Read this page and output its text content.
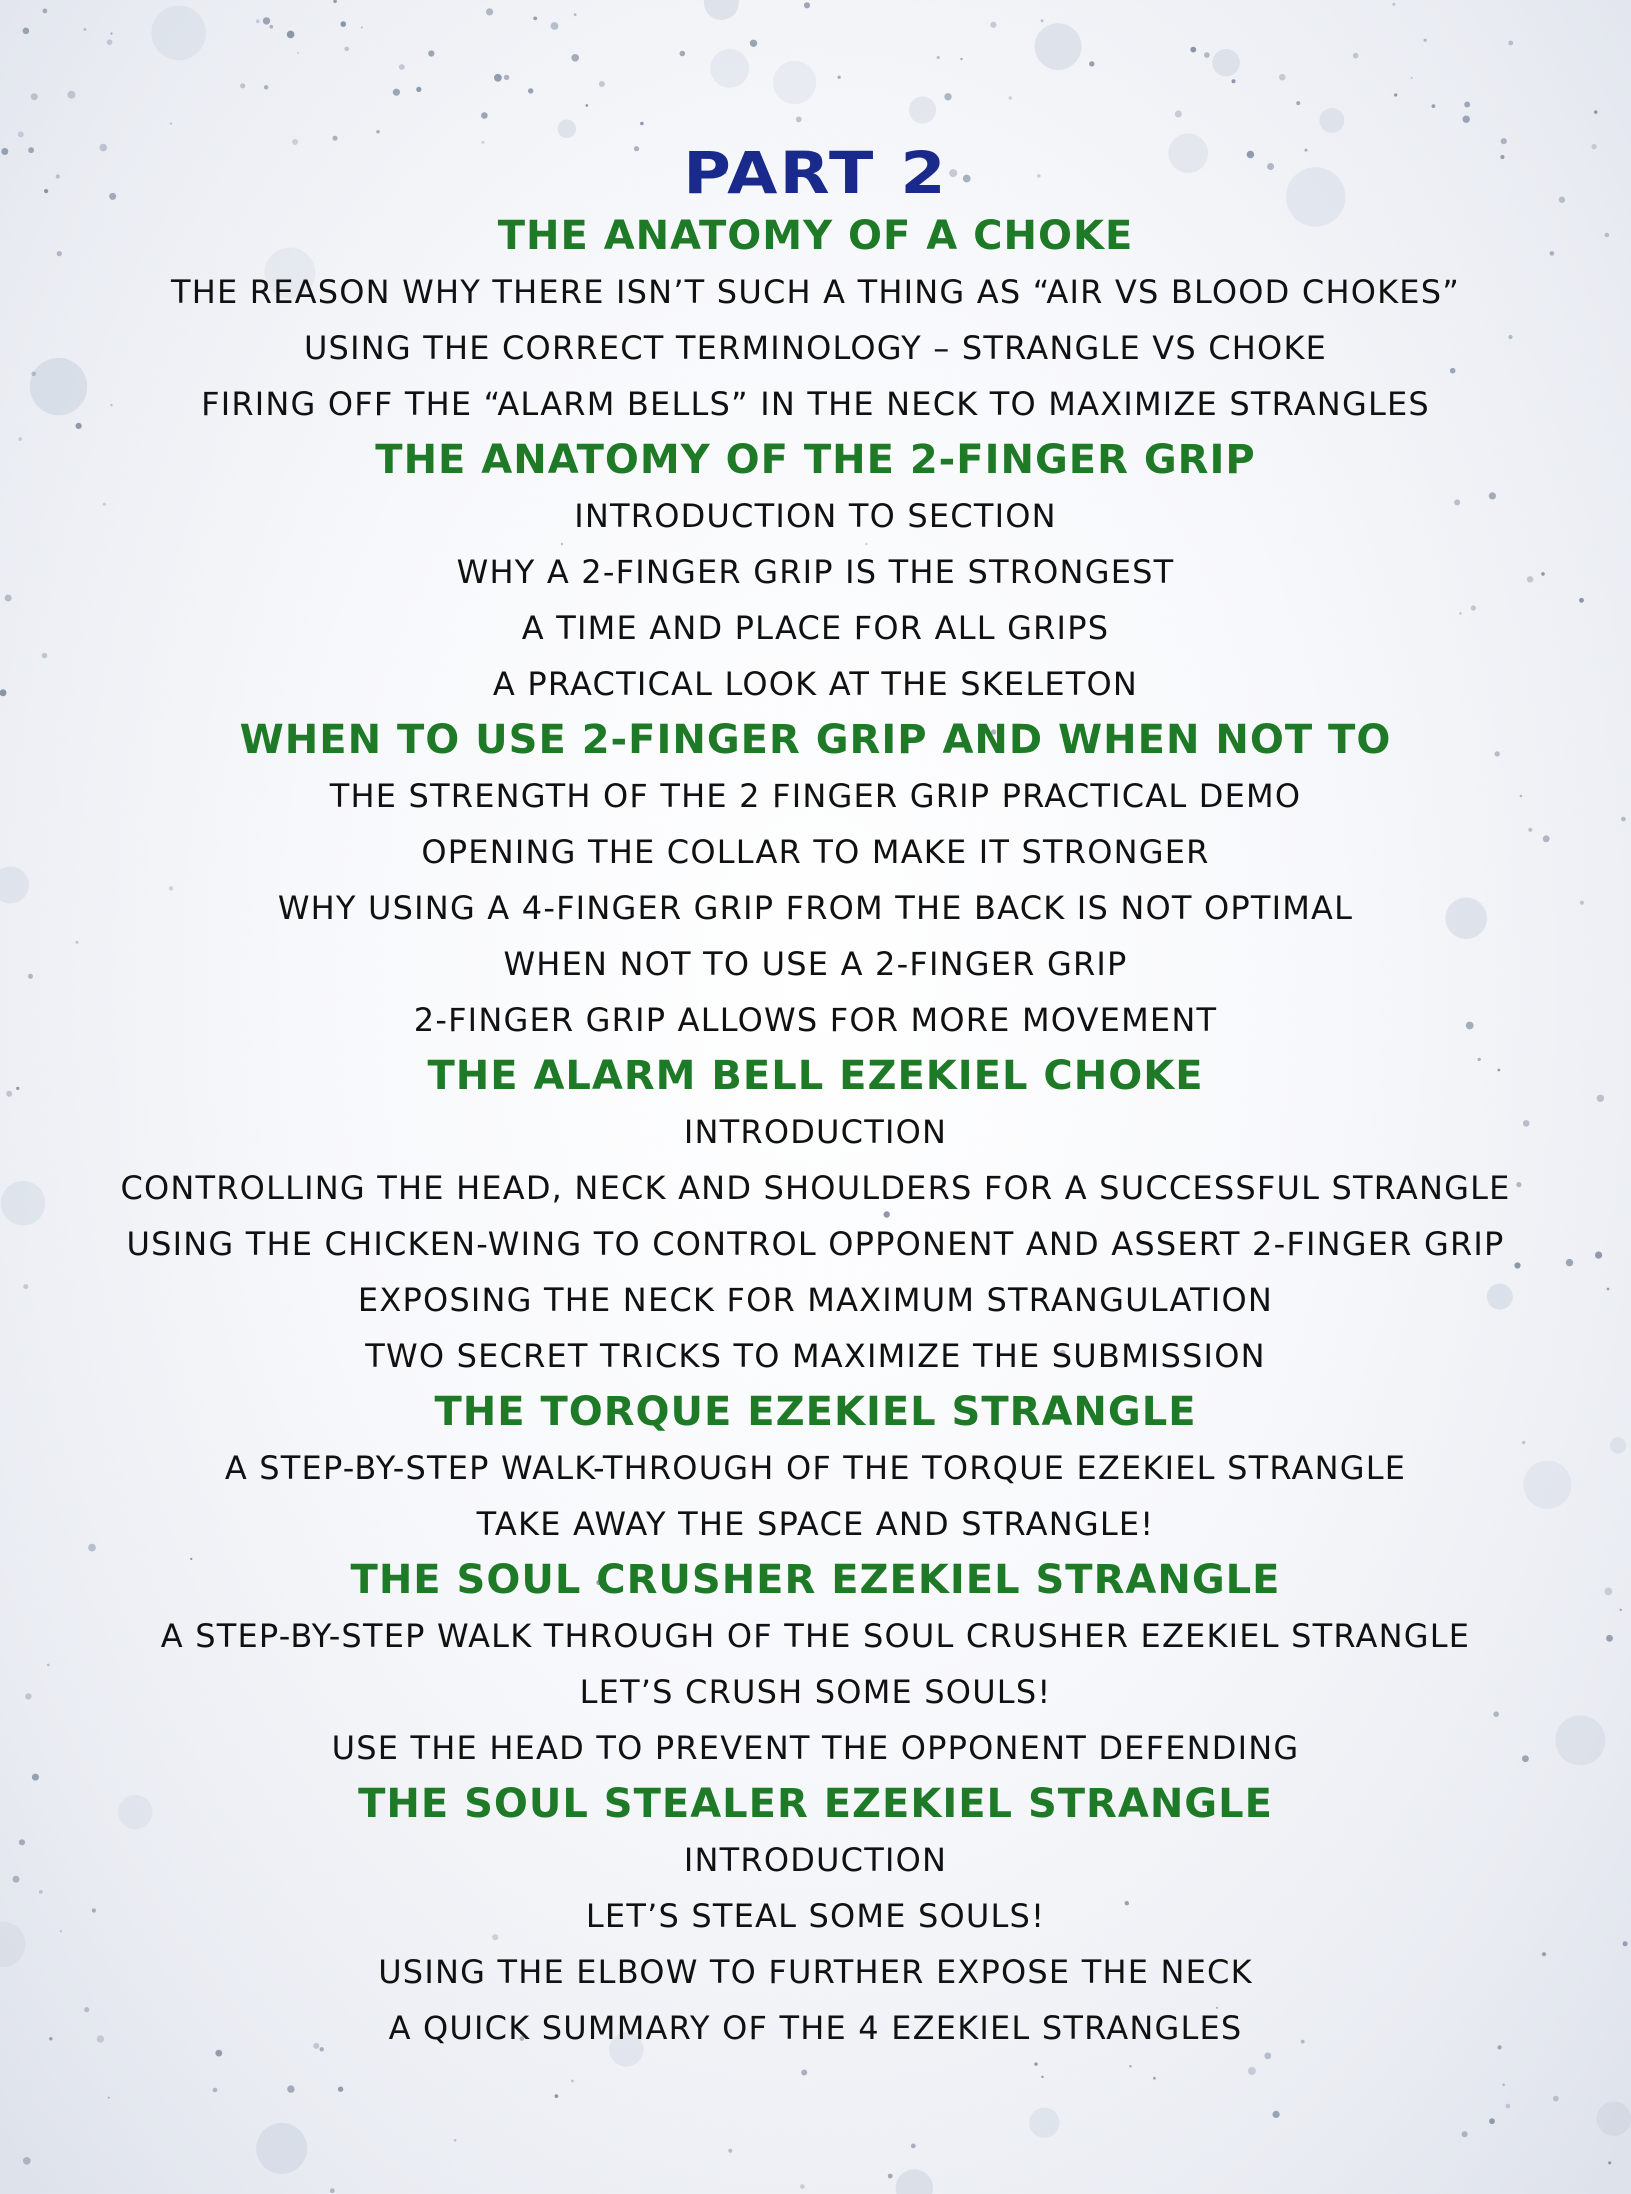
PART 2
THE ANATOMY OF A CHOKE
THE REASON WHY THERE ISN’T SUCH A THING AS “AIR VS BLOOD CHOKES”
USING THE CORRECT TERMINOLOGY – STRANGLE VS CHOKE
FIRING OFF THE “ALARM BELLS” IN THE NECK TO MAXIMIZE STRANGLES
THE ANATOMY OF THE 2-FINGER GRIP
INTRODUCTION TO SECTION
WHY A 2-FINGER GRIP IS THE STRONGEST
A TIME AND PLACE FOR ALL GRIPS
A PRACTICAL LOOK AT THE SKELETON
WHEN TO USE 2-FINGER GRIP AND WHEN NOT TO
THE STRENGTH OF THE 2 FINGER GRIP PRACTICAL DEMO
OPENING THE COLLAR TO MAKE IT STRONGER
WHY USING A 4-FINGER GRIP FROM THE BACK IS NOT OPTIMAL
WHEN NOT TO USE A 2-FINGER GRIP
2-FINGER GRIP ALLOWS FOR MORE MOVEMENT
THE ALARM BELL EZEKIEL CHOKE
INTRODUCTION
CONTROLLING THE HEAD, NECK AND SHOULDERS FOR A SUCCESSFUL STRANGLE
USING THE CHICKEN-WING TO CONTROL OPPONENT AND ASSERT 2-FINGER GRIP
EXPOSING THE NECK FOR MAXIMUM STRANGULATION
TWO SECRET TRICKS TO MAXIMIZE THE SUBMISSION
THE TORQUE EZEKIEL STRANGLE
A STEP-BY-STEP WALK-THROUGH OF THE TORQUE EZEKIEL STRANGLE
TAKE AWAY THE SPACE AND STRANGLE!
THE SOUL CRUSHER EZEKIEL STRANGLE
A STEP-BY-STEP WALK THROUGH OF THE SOUL CRUSHER EZEKIEL STRANGLE
LET’S CRUSH SOME SOULS!
USE THE HEAD TO PREVENT THE OPPONENT DEFENDING
THE SOUL STEALER EZEKIEL STRANGLE
INTRODUCTION
LET’S STEAL SOME SOULS!
USING THE ELBOW TO FURTHER EXPOSE THE NECK
A QUICK SUMMARY OF THE 4 EZEKIEL STRANGLES
